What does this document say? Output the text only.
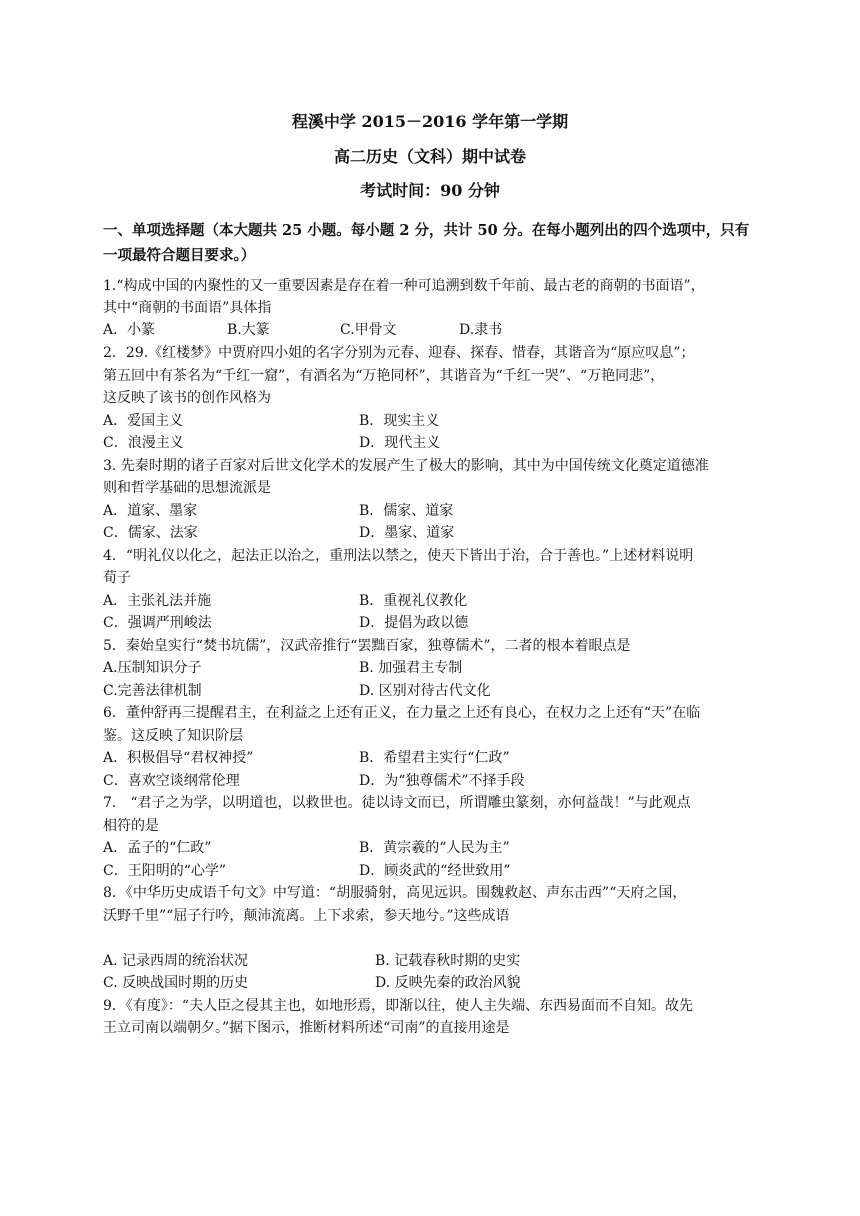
程溪中学 2015－2016 学年第一学期
高二历史（文科）期中试卷
考试时间：90 分钟
一、单项选择题（本大题共 25 小题。每小题 2 分，共计 50 分。在每小题列出的四个选项中，只有
一项最符合题目要求。）
1.“构成中国的内聚性的又一重要因素是存在着一种可追溯到数千年前、最古老的商朝的书面语”，
其中“商朝的书面语”具体指
A．小篆	B.大篆	C.甲骨文	D.隶书
2．29.《红楼梦》中贾府四小姐的名字分别为元春、迎春、探春、惜春，其谐音为“原应叹息”；
第五回中有茶名为“千红一窟”，有酒名为“万艳同杯”，其谐音为“千红一哭”、“万艳同悲”，
这反映了该书的创作风格为
A．爱国主义	B．现实主义
C．浪漫主义	D．现代主义
3. 先秦时期的诸子百家对后世文化学术的发展产生了极大的影响，其中为中国传统文化奠定道德准
则和哲学基础的思想流派是
A．道家、墨家	B．儒家、道家
C．儒家、法家	D．墨家、道家
4．“明礼仪以化之，起法正以治之，重刑法以禁之，使天下皆出于治，合于善也。”上述材料说明
荀子
A．主张礼法并施	B．重视礼仪教化
C．强调严刑峻法	D．提倡为政以德
5．秦始皇实行“焚书坑儒”，汉武帝推行“罢黜百家，独尊儒术”，二者的根本着眼点是
A.压制知识分子	B. 加强君主专制
C.完善法律机制	D. 区别对待古代文化
6．董仲舒再三提醒君主，在利益之上还有正义，在力量之上还有良心，在权力之上还有“天”在临
鉴。这反映了知识阶层
A．积极倡导“君权神授”	B．希望君主实行“仁政”
C．喜欢空谈纲常伦理	D．为“独尊儒术”不择手段
7． “君子之为学，以明道也，以救世也。徒以诗文而已，所谓雕虫篆刻，亦何益哉！”与此观点
相符的是
A．孟子的“仁政”	B．黄宗羲的“人民为主”
C．王阳明的“心学”	D．顾炎武的“经世致用”
8．《中华历史成语千句文》中写道：“胡服骑射，高见远识。围魏救赵、声东击西”“天府之国，
沃野千里”“屈子行吟，颠沛流离。上下求索，参天地兮。”这些成语
A. 记录西周的统治状况	B. 记载春秋时期的史实
C. 反映战国时期的历史	D. 反映先秦的政治风貌
9．《有度》：“夫人臣之侵其主也，如地形焉，即渐以往，使人主失端、东西易面而不自知。故先
王立司南以端朝夕。”据下图示，推断材料所述“司南”的直接用途是
